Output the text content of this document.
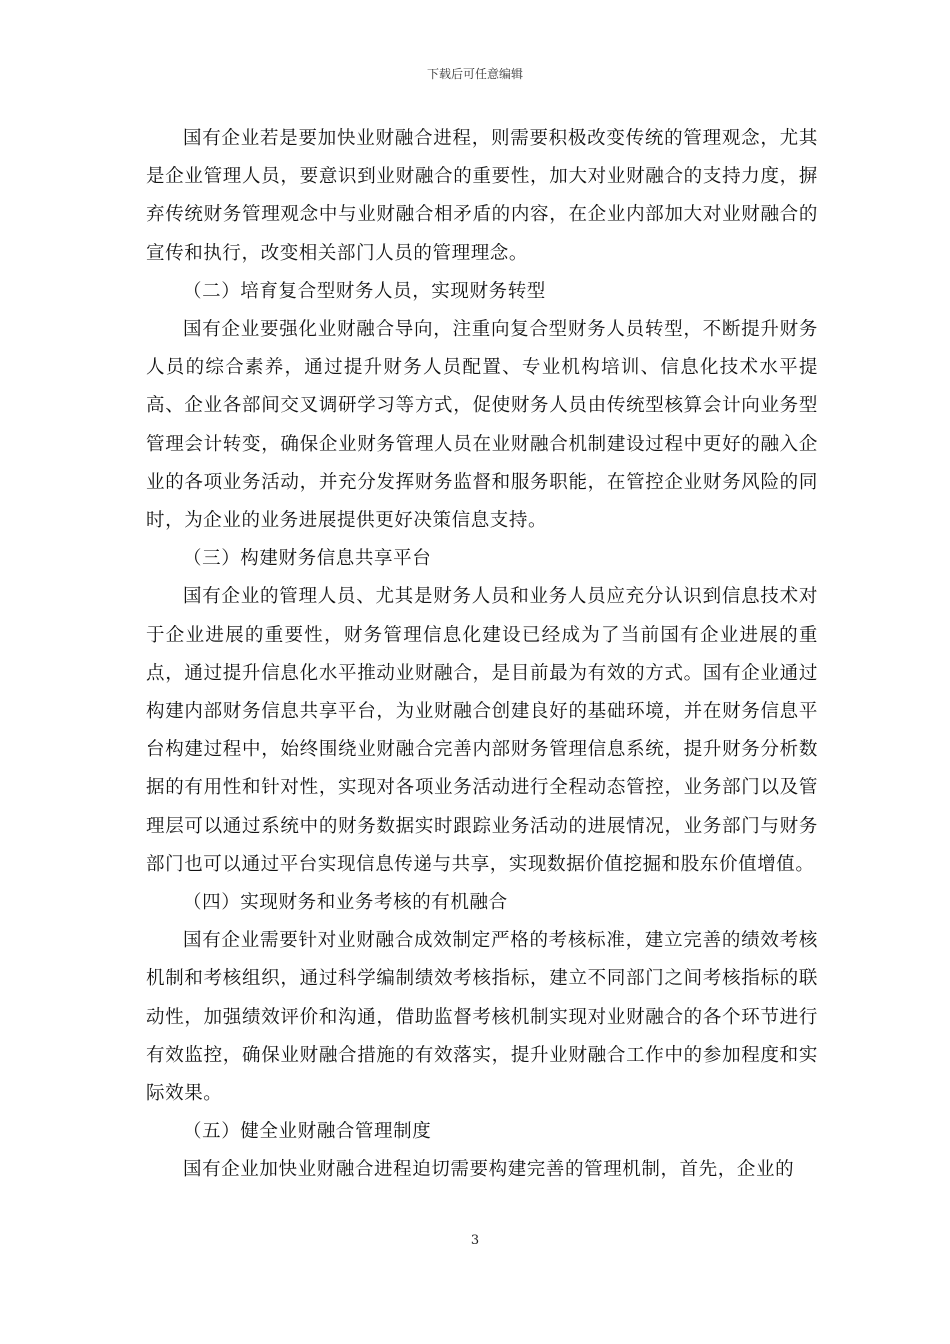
下载后可任意编辑

国有企业若是要加快业财融合进程，则需要积极改变传统的管理观念，尤其是企业管理人员，要意识到业财融合的重要性，加大对业财融合的支持力度，摒弃传统财务管理观念中与业财融合相矛盾的内容，在企业内部加大对业财融合的宣传和执行，改变相关部门人员的管理理念。

（二）培育复合型财务人员，实现财务转型

国有企业要强化业财融合导向，注重向复合型财务人员转型，不断提升财务人员的综合素养，通过提升财务人员配置、专业机构培训、信息化技术水平提高、企业各部间交叉调研学习等方式，促使财务人员由传统型核算会计向业务型管理会计转变，确保企业财务管理人员在业财融合机制建设过程中更好的融入企业的各项业务活动，并充分发挥财务监督和服务职能，在管控企业财务风险的同时，为企业的业务进展提供更好决策信息支持。

（三）构建财务信息共享平台

国有企业的管理人员、尤其是财务人员和业务人员应充分认识到信息技术对于企业进展的重要性，财务管理信息化建设已经成为了当前国有企业进展的重点，通过提升信息化水平推动业财融合，是目前最为有效的方式。国有企业通过构建内部财务信息共享平台，为业财融合创建良好的基础环境，并在财务信息平台构建过程中，始终围绕业财融合完善内部财务管理信息系统，提升财务分析数据的有用性和针对性，实现对各项业务活动进行全程动态管控，业务部门以及管理层可以通过系统中的财务数据实时跟踪业务活动的进展情况，业务部门与财务部门也可以通过平台实现信息传递与共享，实现数据价值挖掘和股东价值增值。

（四）实现财务和业务考核的有机融合

国有企业需要针对业财融合成效制定严格的考核标准，建立完善的绩效考核机制和考核组织，通过科学编制绩效考核指标，建立不同部门之间考核指标的联动性，加强绩效评价和沟通，借助监督考核机制实现对业财融合的各个环节进行有效监控，确保业财融合措施的有效落实，提升业财融合工作中的参加程度和实际效果。

（五）健全业财融合管理制度

国有企业加快业财融合进程迫切需要构建完善的管理机制，首先，企业的

3
